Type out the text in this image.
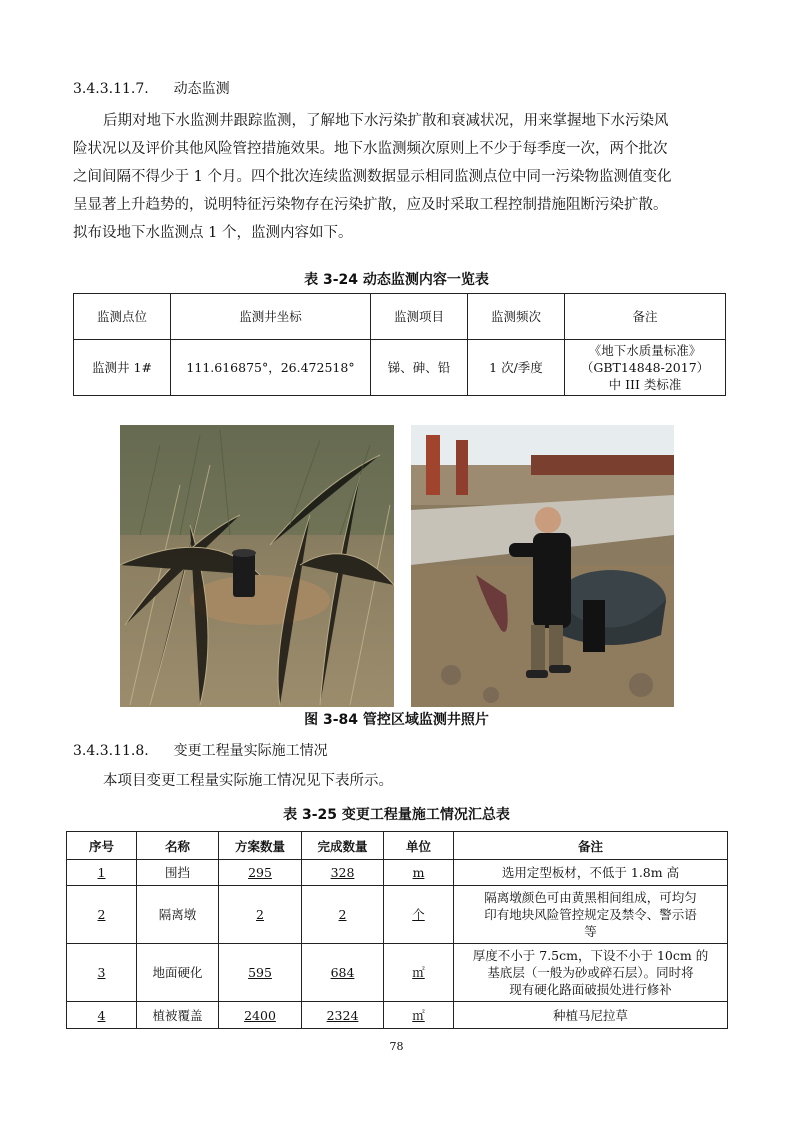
3.4.3.11.7. 动态监测
后期对地下水监测井跟踪监测，了解地下水污染扩散和衰减状况，用来掌握地下水污染风
险状况以及评价其他风险管控措施效果。地下水监测频次原则上不少于每季度一次，两个批次
之间间隔不得少于 1 个月。四个批次连续监测数据显示相同监测点位中同一污染物监测值变化
呈显著上升趋势的，说明特征污染物存在污染扩散，应及时采取工程控制措施阻断污染扩散。
拟布设地下水监测点 1 个，监测内容如下。
表 3-24 动态监测内容一览表
监测点位	监测井坐标	监测项目	监测频次	备注
监测井 1#	111.616875°，26.472518°	锑、砷、铅	1 次/季度	《地下水质量标准》
（GBT14848-2017）
中 III 类标准
图 3-84 管控区域监测井照片
3.4.3.11.8. 变更工程量实际施工情况
本项目变更工程量实际施工情况见下表所示。
表 3-25 变更工程量施工情况汇总表
序号	名称	方案数量	完成数量	单位	备注
1	围挡	295	328	m	选用定型板材，不低于 1.8m 高

2	隔离墩	2	2	个	隔离墩颜色可由黄黑相间组成，可均匀
印有地块风险管控规定及禁令、警示语
等

3	地面硬化	595	684	㎡	厚度不小于 7.5cm，下设不小于 10cm 的
基底层（一般为砂或碎石层）。同时将
现有硬化路面破损处进行修补

4	植被覆盖	2400	2324	㎡	种植马尼拉草
78
